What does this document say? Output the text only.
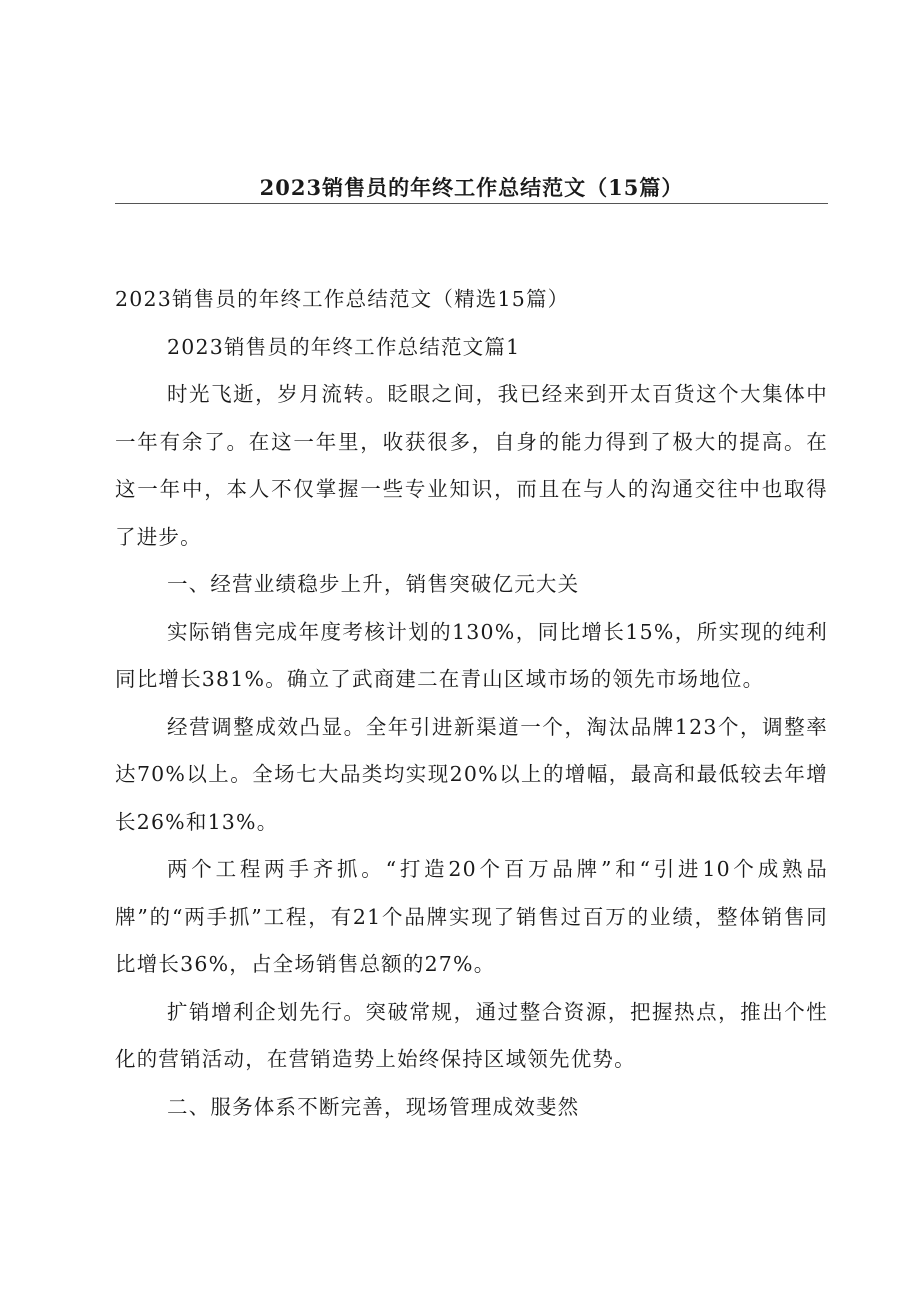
2023销售员的年终工作总结范文（15篇）

2023销售员的年终工作总结范文（精选15篇）

2023销售员的年终工作总结范文篇1

时光飞逝，岁月流转。眨眼之间，我已经来到开太百货这个大集体中一年有余了。在这一年里，收获很多，自身的能力得到了极大的提高。在这一年中，本人不仅掌握一些专业知识，而且在与人的沟通交往中也取得了进步。

一、经营业绩稳步上升，销售突破亿元大关

实际销售完成年度考核计划的130%，同比增长15%，所实现的纯利同比增长381%。确立了武商建二在青山区域市场的领先市场地位。

经营调整成效凸显。全年引进新渠道一个，淘汰品牌123个，调整率达70%以上。全场七大品类均实现20%以上的增幅，最高和最低较去年增长26%和13%。

两个工程两手齐抓。“打造20个百万品牌”和“引进10个成熟品牌”的“两手抓”工程，有21个品牌实现了销售过百万的业绩，整体销售同比增长36%，占全场销售总额的27%。

扩销增利企划先行。突破常规，通过整合资源，把握热点，推出个性化的营销活动，在营销造势上始终保持区域领先优势。

二、服务体系不断完善，现场管理成效斐然
